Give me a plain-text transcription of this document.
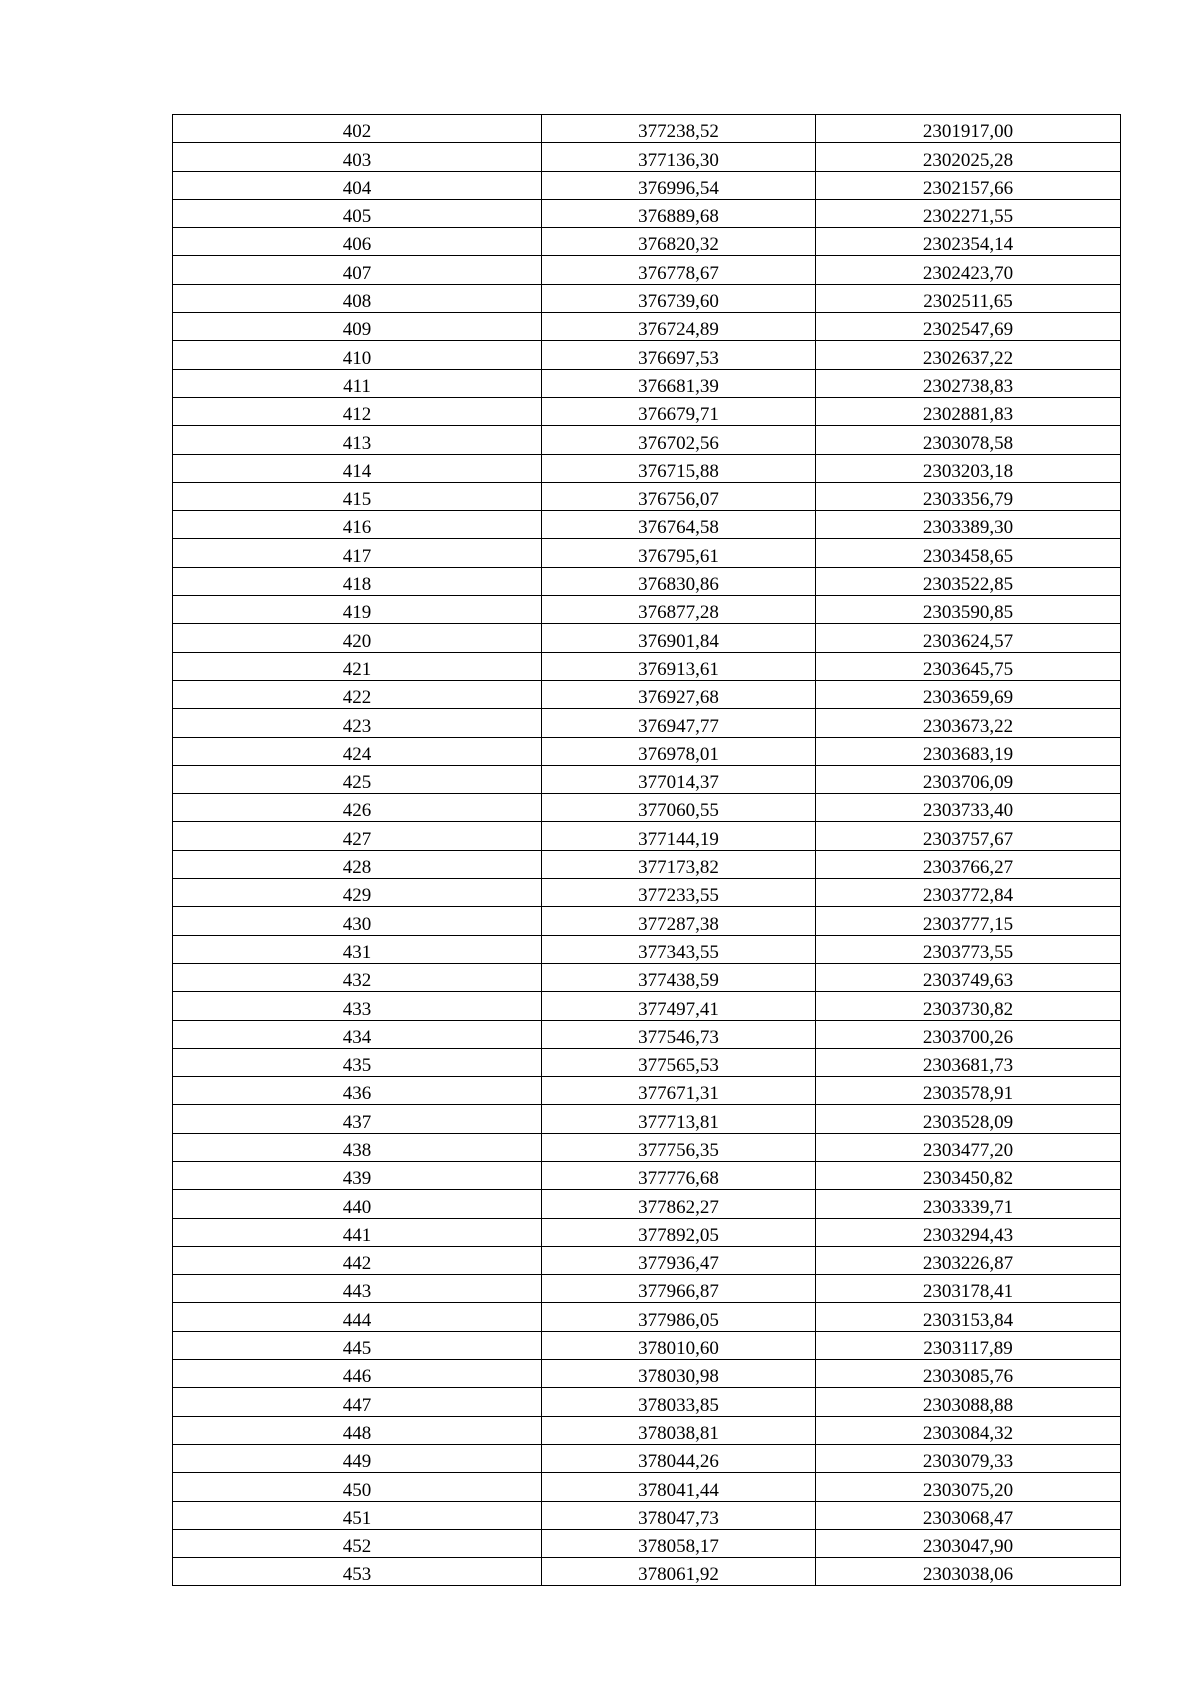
402	377238,52	2301917,00
403	377136,30	2302025,28
404	376996,54	2302157,66
405	376889,68	2302271,55
406	376820,32	2302354,14
407	376778,67	2302423,70
408	376739,60	2302511,65
409	376724,89	2302547,69
410	376697,53	2302637,22
411	376681,39	2302738,83
412	376679,71	2302881,83
413	376702,56	2303078,58
414	376715,88	2303203,18
415	376756,07	2303356,79
416	376764,58	2303389,30
417	376795,61	2303458,65
418	376830,86	2303522,85
419	376877,28	2303590,85
420	376901,84	2303624,57
421	376913,61	2303645,75
422	376927,68	2303659,69
423	376947,77	2303673,22
424	376978,01	2303683,19
425	377014,37	2303706,09
426	377060,55	2303733,40
427	377144,19	2303757,67
428	377173,82	2303766,27
429	377233,55	2303772,84
430	377287,38	2303777,15
431	377343,55	2303773,55
432	377438,59	2303749,63
433	377497,41	2303730,82
434	377546,73	2303700,26
435	377565,53	2303681,73
436	377671,31	2303578,91
437	377713,81	2303528,09
438	377756,35	2303477,20
439	377776,68	2303450,82
440	377862,27	2303339,71
441	377892,05	2303294,43
442	377936,47	2303226,87
443	377966,87	2303178,41
444	377986,05	2303153,84
445	378010,60	2303117,89
446	378030,98	2303085,76
447	378033,85	2303088,88
448	378038,81	2303084,32
449	378044,26	2303079,33
450	378041,44	2303075,20
451	378047,73	2303068,47
452	378058,17	2303047,90
453	378061,92	2303038,06
